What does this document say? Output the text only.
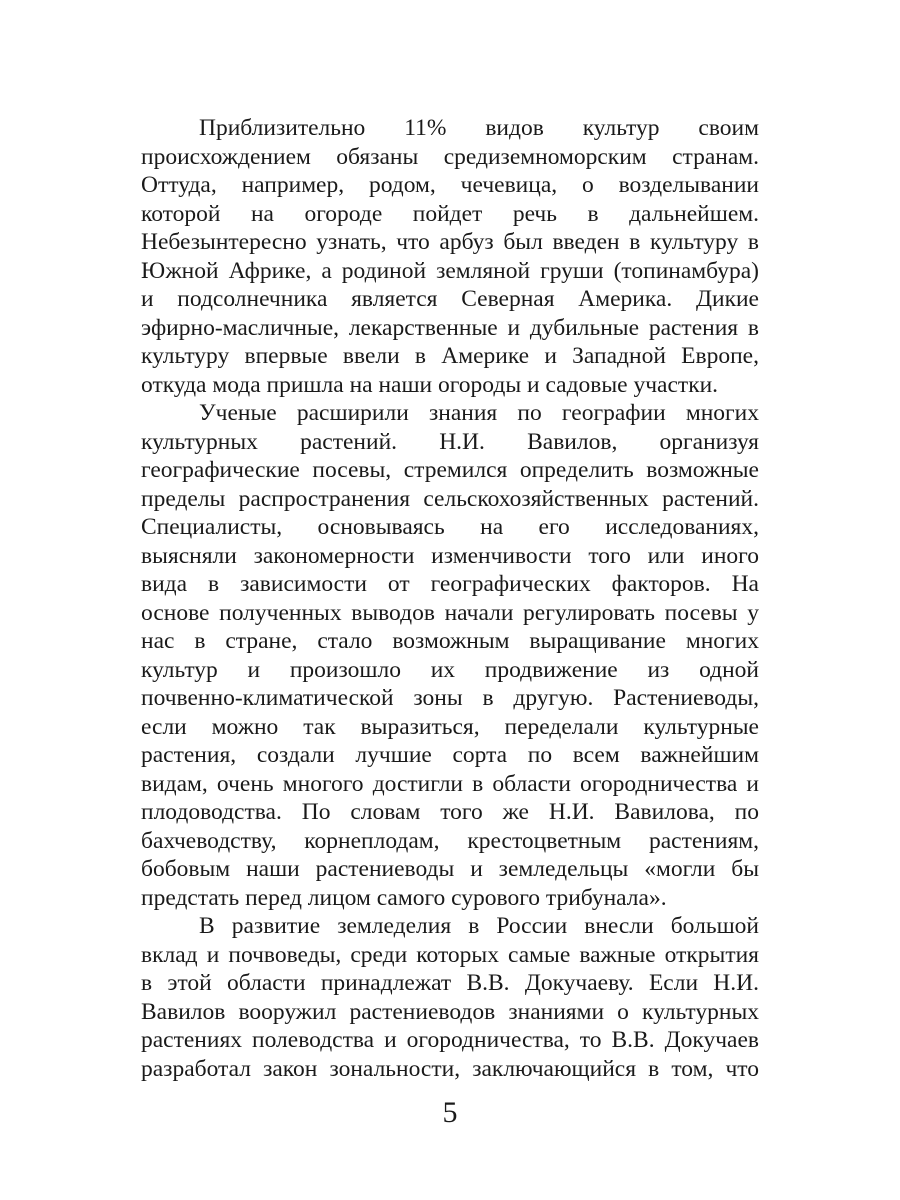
Приблизительно 11% видов культур своим
происхождением обязаны средиземноморским странам.
Оттуда, например, родом, чечевица, о возделывании
которой на огороде пойдет речь в дальнейшем.
Небезынтересно узнать, что арбуз был введен в культуру в
Южной Африке, а родиной земляной груши (топинамбура)
и подсолнечника является Северная Америка. Дикие
эфирно-масличные, лекарственные и дубильные растения в
культуру впервые ввели в Америке и Западной Европе,
откуда мода пришла на наши огороды и садовые участки.
Ученые расширили знания по географии многих
культурных растений. Н.И. Вавилов, организуя
географические посевы, стремился определить возможные
пределы распространения сельскохозяйственных растений.
Специалисты, основываясь на его исследованиях,
выясняли закономерности изменчивости того или иного
вида в зависимости от географических факторов. На
основе полученных выводов начали регулировать посевы у
нас в стране, стало возможным выращивание многих
культур и произошло их продвижение из одной
почвенно-климатической зоны в другую. Растениеводы,
если можно так выразиться, переделали культурные
растения, создали лучшие сорта по всем важнейшим
видам, очень многого достигли в области огородничества и
плодоводства. По словам того же Н.И. Вавилова, по
бахчеводству, корнеплодам, крестоцветным растениям,
бобовым наши растениеводы и земледельцы «могли бы
предстать перед лицом самого сурового трибунала».
В развитие земледелия в России внесли большой
вклад и почвоведы, среди которых самые важные открытия
в этой области принадлежат В.В. Докучаеву. Если Н.И.
Вавилов вооружил растениеводов знаниями о культурных
растениях полеводства и огородничества, то В.В. Докучаев
разработал закон зональности, заключающийся в том, что
5
